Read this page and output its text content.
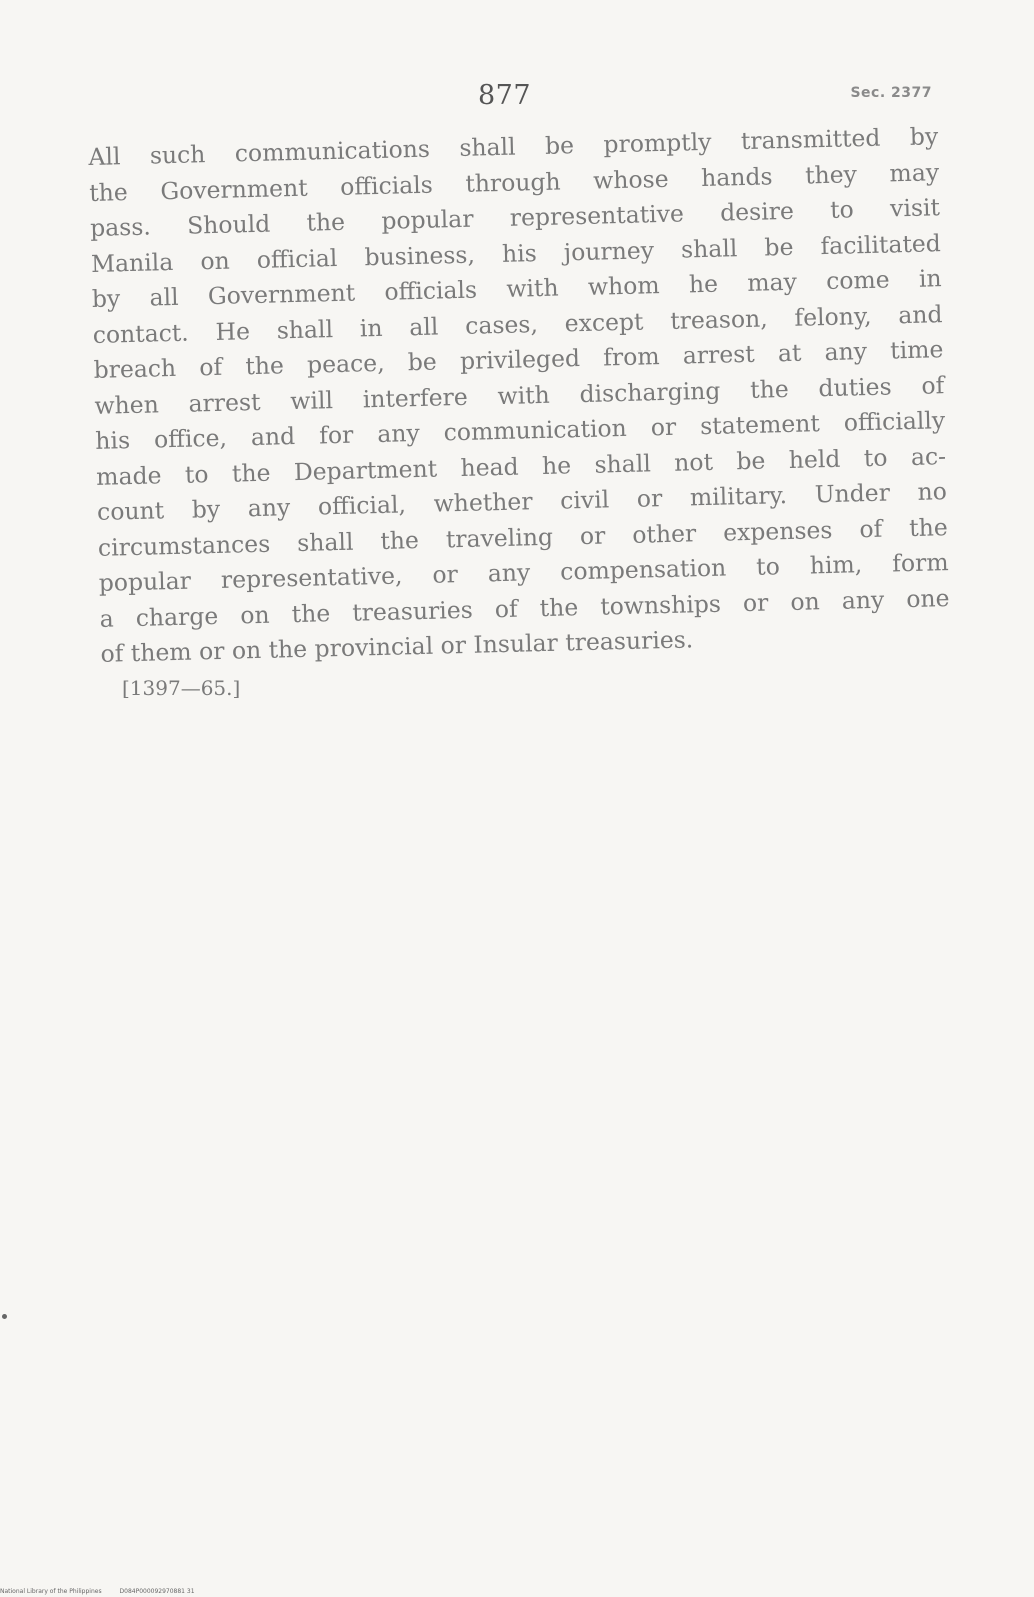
877	Sec. 2377
All such communications shall be promptly transmitted by
the Government officials through whose hands they may
pass. Should the popular representative desire to visit
Manila on official business, his journey shall be facilitated
by all Government officials with whom he may come in
contact. He shall in all cases, except treason, felony, and
breach of the peace, be privileged from arrest at any time
when arrest will interfere with discharging the duties of
his office, and for any communication or statement officially
made to the Department head he shall not be held to ac-
count by any official, whether civil or military. Under no
circumstances shall the traveling or other expenses of the
popular representative, or any compensation to him, form
a charge on the treasuries of the townships or on any one
of them or on the provincial or Insular treasuries.
[1397—65.]
National Library of the Philippines	D084P000092970881 31
